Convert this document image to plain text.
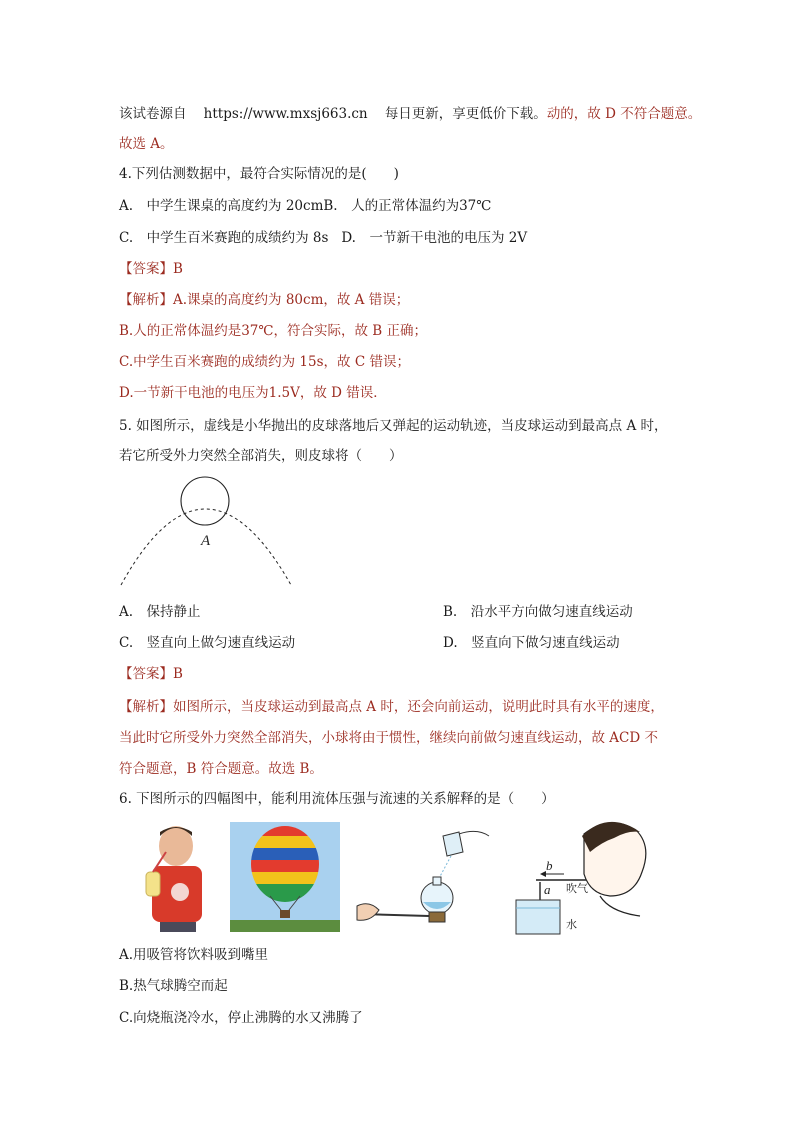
该试卷源自 https://www.mxsj663.cn 每日更新，享更低价下载。动的，故 D 不符合题意。
故选 A。
4.下列估测数据中，最符合实际情况的是(　　)
A.　中学生课桌的高度约为 20cmB.　人的正常体温约为37℃
C.　中学生百米赛跑的成绩约为 8s D.　一节新干电池的电压为 2V
【答案】B
【解析】A.课桌的高度约为 80cm，故 A 错误；
B.人的正常体温约是37℃，符合实际，故 B 正确；
C.中学生百米赛跑的成绩约为 15s，故 C 错误；
D.一节新干电池的电压为1.5V，故 D 错误．
5. 如图所示，虚线是小华抛出的皮球落地后又弹起的运动轨迹，当皮球运动到最高点 A 时，
若它所受外力突然全部消失，则皮球将（　　）
A
A.　保持静止	B.　沿水平方向做匀速直线运动
C.　竖直向上做匀速直线运动	D.　竖直向下做匀速直线运动
【答案】B
【解析】如图所示，当皮球运动到最高点 A 时，还会向前运动，说明此时具有水平的速度，
当此时它所受外力突然全部消失，小球将由于惯性，继续向前做匀速直线运动，故 ACD 不
符合题意，B 符合题意。故选 B。
6. 下图所示的四幅图中，能利用流体压强与流速的关系解释的是（　　）
b
a 吹气
水
A.用吸管将饮料吸到嘴里
B.热气球腾空而起
C.向烧瓶浇冷水，停止沸腾的水又沸腾了
